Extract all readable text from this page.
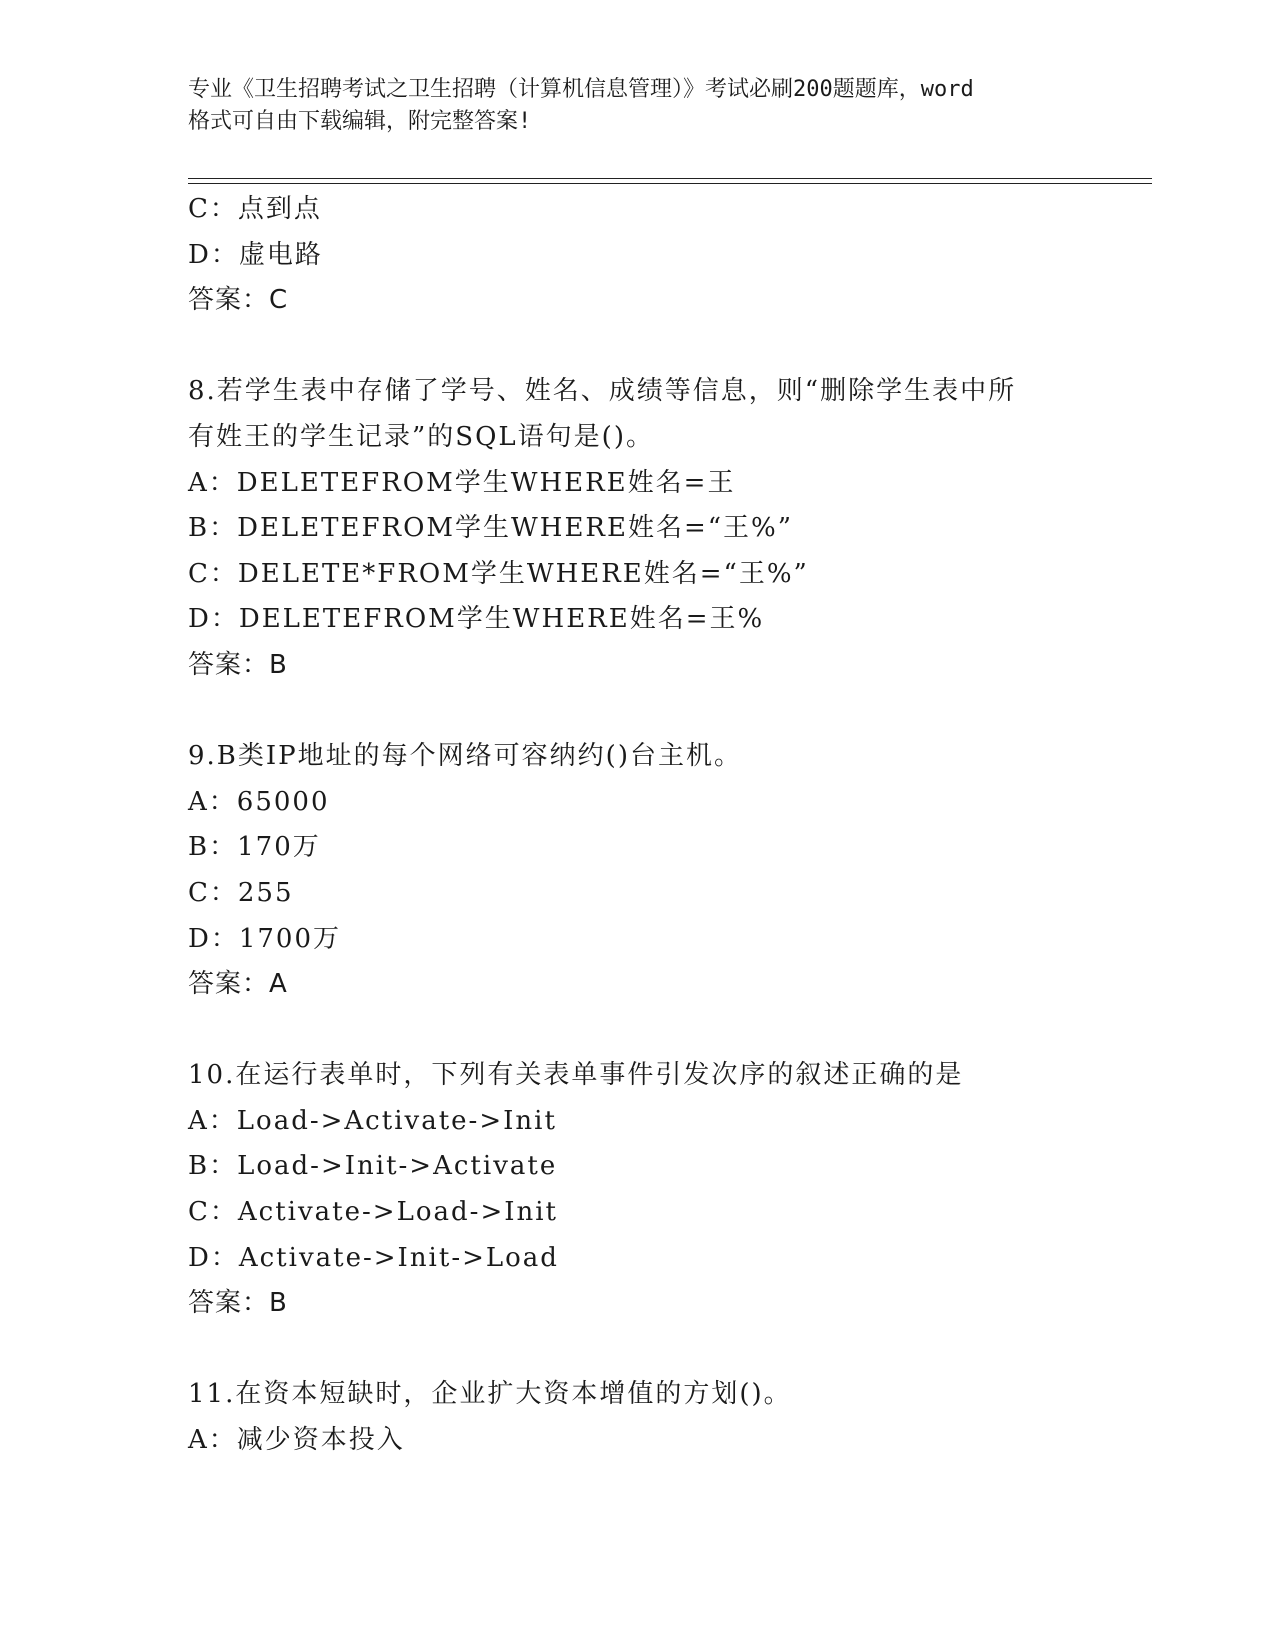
专业《卫生招聘考试之卫生招聘（计算机信息管理）》考试必刷200题题库，word
格式可自由下载编辑，附完整答案!
C：点到点
D：虚电路
答案：C
8.若学生表中存储了学号、姓名、成绩等信息，则“删除学生表中所
有姓王的学生记录”的SQL语句是()。
A：DELETEFROM学生WHERE姓名=王
B：DELETEFROM学生WHERE姓名=“王%”
C：DELETE*FROM学生WHERE姓名=“王%”
D：DELETEFROM学生WHERE姓名=王%
答案：B
9.B类IP地址的每个网络可容纳约()台主机。
A：65000
B：170万
C：255
D：1700万
答案：A
10.在运行表单时，下列有关表单事件引发次序的叙述正确的是
A：Load->Activate->Init
B：Load->Init->Activate
C：Activate->Load->Init
D：Activate->Init->Load
答案：B
11.在资本短缺时，企业扩大资本增值的方划()。
A：减少资本投入
